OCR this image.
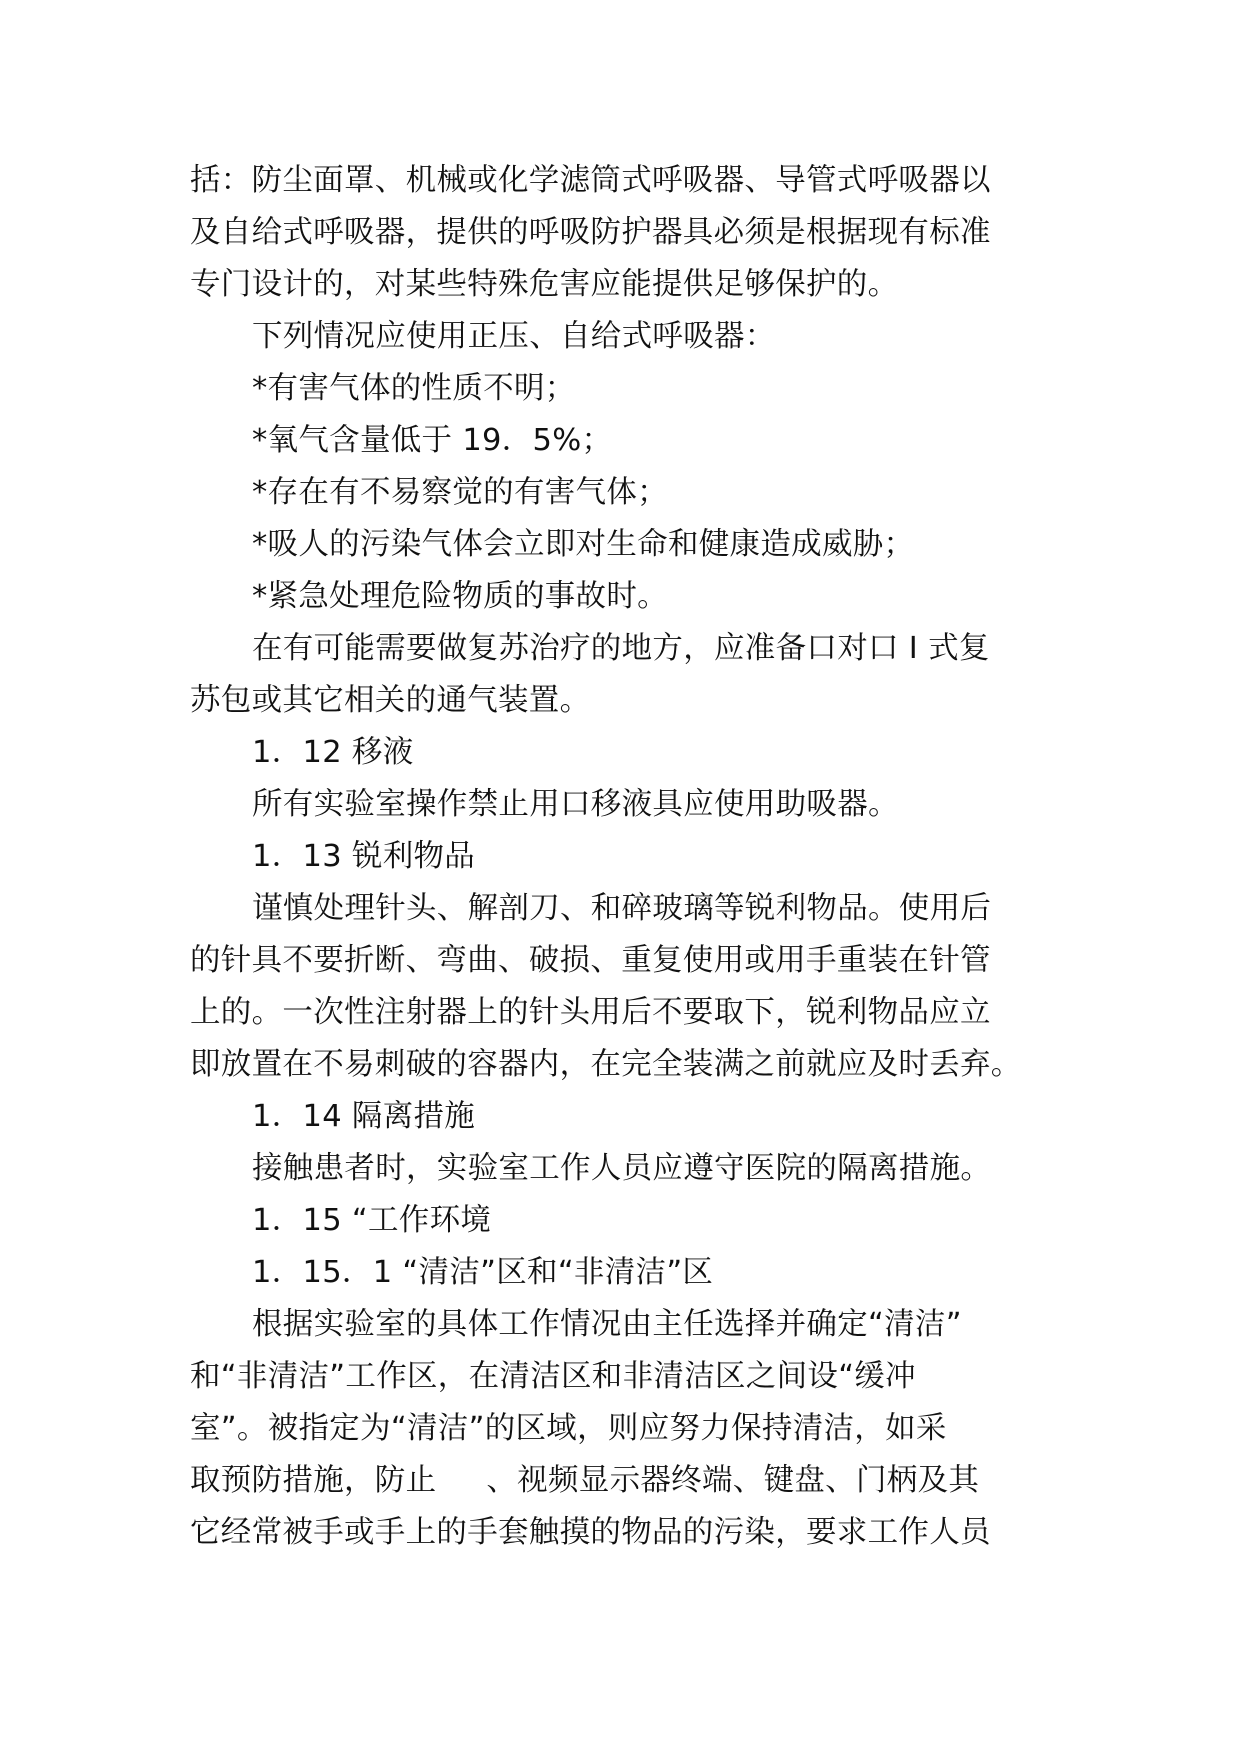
括：防尘面罩、机械或化学滤筒式呼吸器、导管式呼吸器以
及自给式呼吸器，提供的呼吸防护器具必须是根据现有标准
专门设计的，对某些特殊危害应能提供足够保护的。
下列情况应使用正压、自给式呼吸器：
*有害气体的性质不明；
*氧气含量低于 19．5%；
*存在有不易察觉的有害气体；
*吸人的污染气体会立即对生命和健康造成威胁；
*紧急处理危险物质的事故时。
在有可能需要做复苏治疗的地方，应准备口对口 I 式复
苏包或其它相关的通气装置。
1．12 移液
所有实验室操作禁止用口移液具应使用助吸器。
1．13 锐利物品
谨慎处理针头、解剖刀、和碎玻璃等锐利物品。使用后
的针具不要折断、弯曲、破损、重复使用或用手重装在针管
上的。一次性注射器上的针头用后不要取下，锐利物品应立
即放置在不易刺破的容器内，在完全装满之前就应及时丢弃。
1．14 隔离措施
接触患者时，实验室工作人员应遵守医院的隔离措施。
1．15 “工作环境
1．15．1 “清洁”区和“非清洁”区
根据实验室的具体工作情况由主任选择并确定“清洁”
和“非清洁”工作区，在清洁区和非清洁区之间设“缓冲
室”。被指定为“清洁”的区域，则应努力保持清洁，如采
取预防措施，防止     、视频显示器终端、键盘、门柄及其
它经常被手或手上的手套触摸的物品的污染，要求工作人员
